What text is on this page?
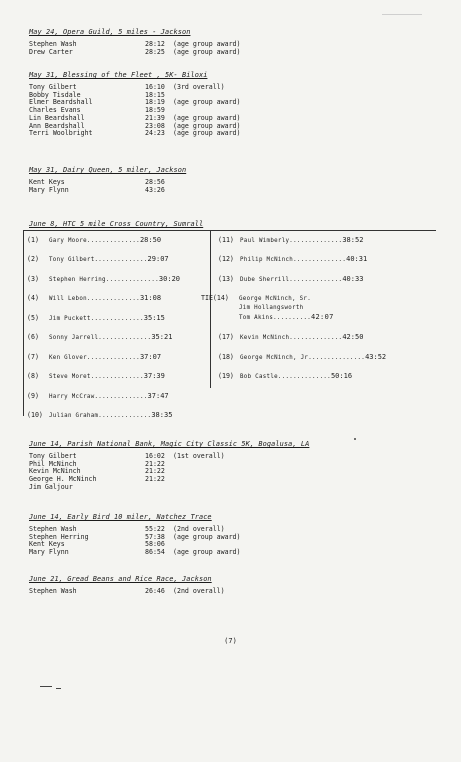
May 24, Opera Guild, 5 miles - Jackson
Stephen Wash	28:12	(age group award)
Drew Carter	28:25	(age group award)
May 31, Blessing of the Fleet , 5K- Biloxi
Tony Gilbert	16:10	(3rd overall)
Bobby Tisdale	18:15
Elmer Beardshall	18:19	(age group award)
Charles Evans	18:59
Lin Beardshall	21:39	(age group award)
Ann Beardshall	23:08	(age group award)
Terri Woolbright	24:23	(age group award)
May 31, Dairy Queen, 5 miler, Jackson
Kent Keys	28:56
Mary Flynn	43:26
June 8, HTC 5 mile Cross Country, Sumrall
(1) Gary Moore..............28:50
(2) Tony Gilbert..............29:07
(3) Stephen Herring..............30:20
(4) Will Lebon..............31:08
(5) Jim Puckett..............35:15
(6) Sonny Jarrell..............35:21
(7) Ken Glover..............37:07
(8) Steve Moret..............37:39
(9) Harry McCraw..............37:47
(10) Julian Graham..............38:35
(11) Paul Wimberly..............38:52
(12) Philip McNinch..............40:31
(13) Dube Sherrill..............40:33
TIE(14) George McNinch, Sr.
Jim Hollangsworth
Tom Akins..........42:07
(17) Kevin McNinch..............42:50
(18) George McNinch, Jr...............43:52
(19) Bob Castle..............50:16
June 14, Parish National Bank, Magic City Classic 5K, Bogalusa, LA
Tony Gilbert	16:02	(1st overall)
Phil McNinch	21:22
Kevin McNinch	21:22
George H. McNinch	21:22
Jim Galjour
June 14, Early Bird 10 miler, Natchez Trace
Stephen Wash	55:22	(2nd overall)
Stephen Herring	57:38	(age group award)
Kent Keys	58:06
Mary Flynn	86:54	(age group award)
June 21, Gread Beans and Rice Race, Jackson
Stephen Wash	26:46	(2nd overall)
(7)
